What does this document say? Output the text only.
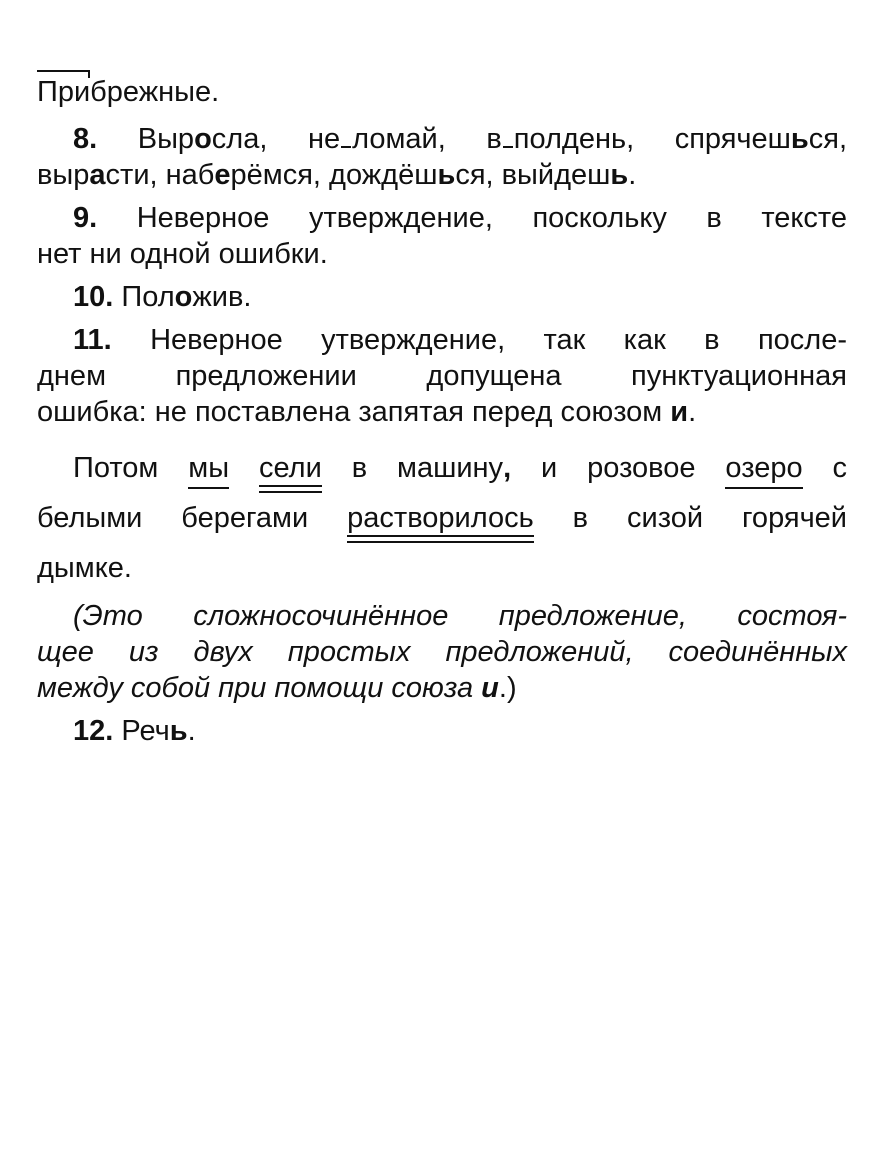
Прибрежные.
8. Выросла, не ломай, в полдень, спрячешься,
вырасти, наберёмся, дождёшься, выйдешь.
9. Неверное утверждение, поскольку в тексте
нет ни одной ошибки.
10. Положив.
11. Неверное утверждение, так как в после-
днем предложении допущена пунктуационная
ошибка: не поставлена запятая перед союзом и.
Потом мы сели в машину, и розовое озеро с
белыми берегами растворилось в сизой горячей
дымке.
(Это сложносочинённое предложение, состоя-
щее из двух простых предложений, соединённых
между собой при помощи союза и.)
12. Речь.
